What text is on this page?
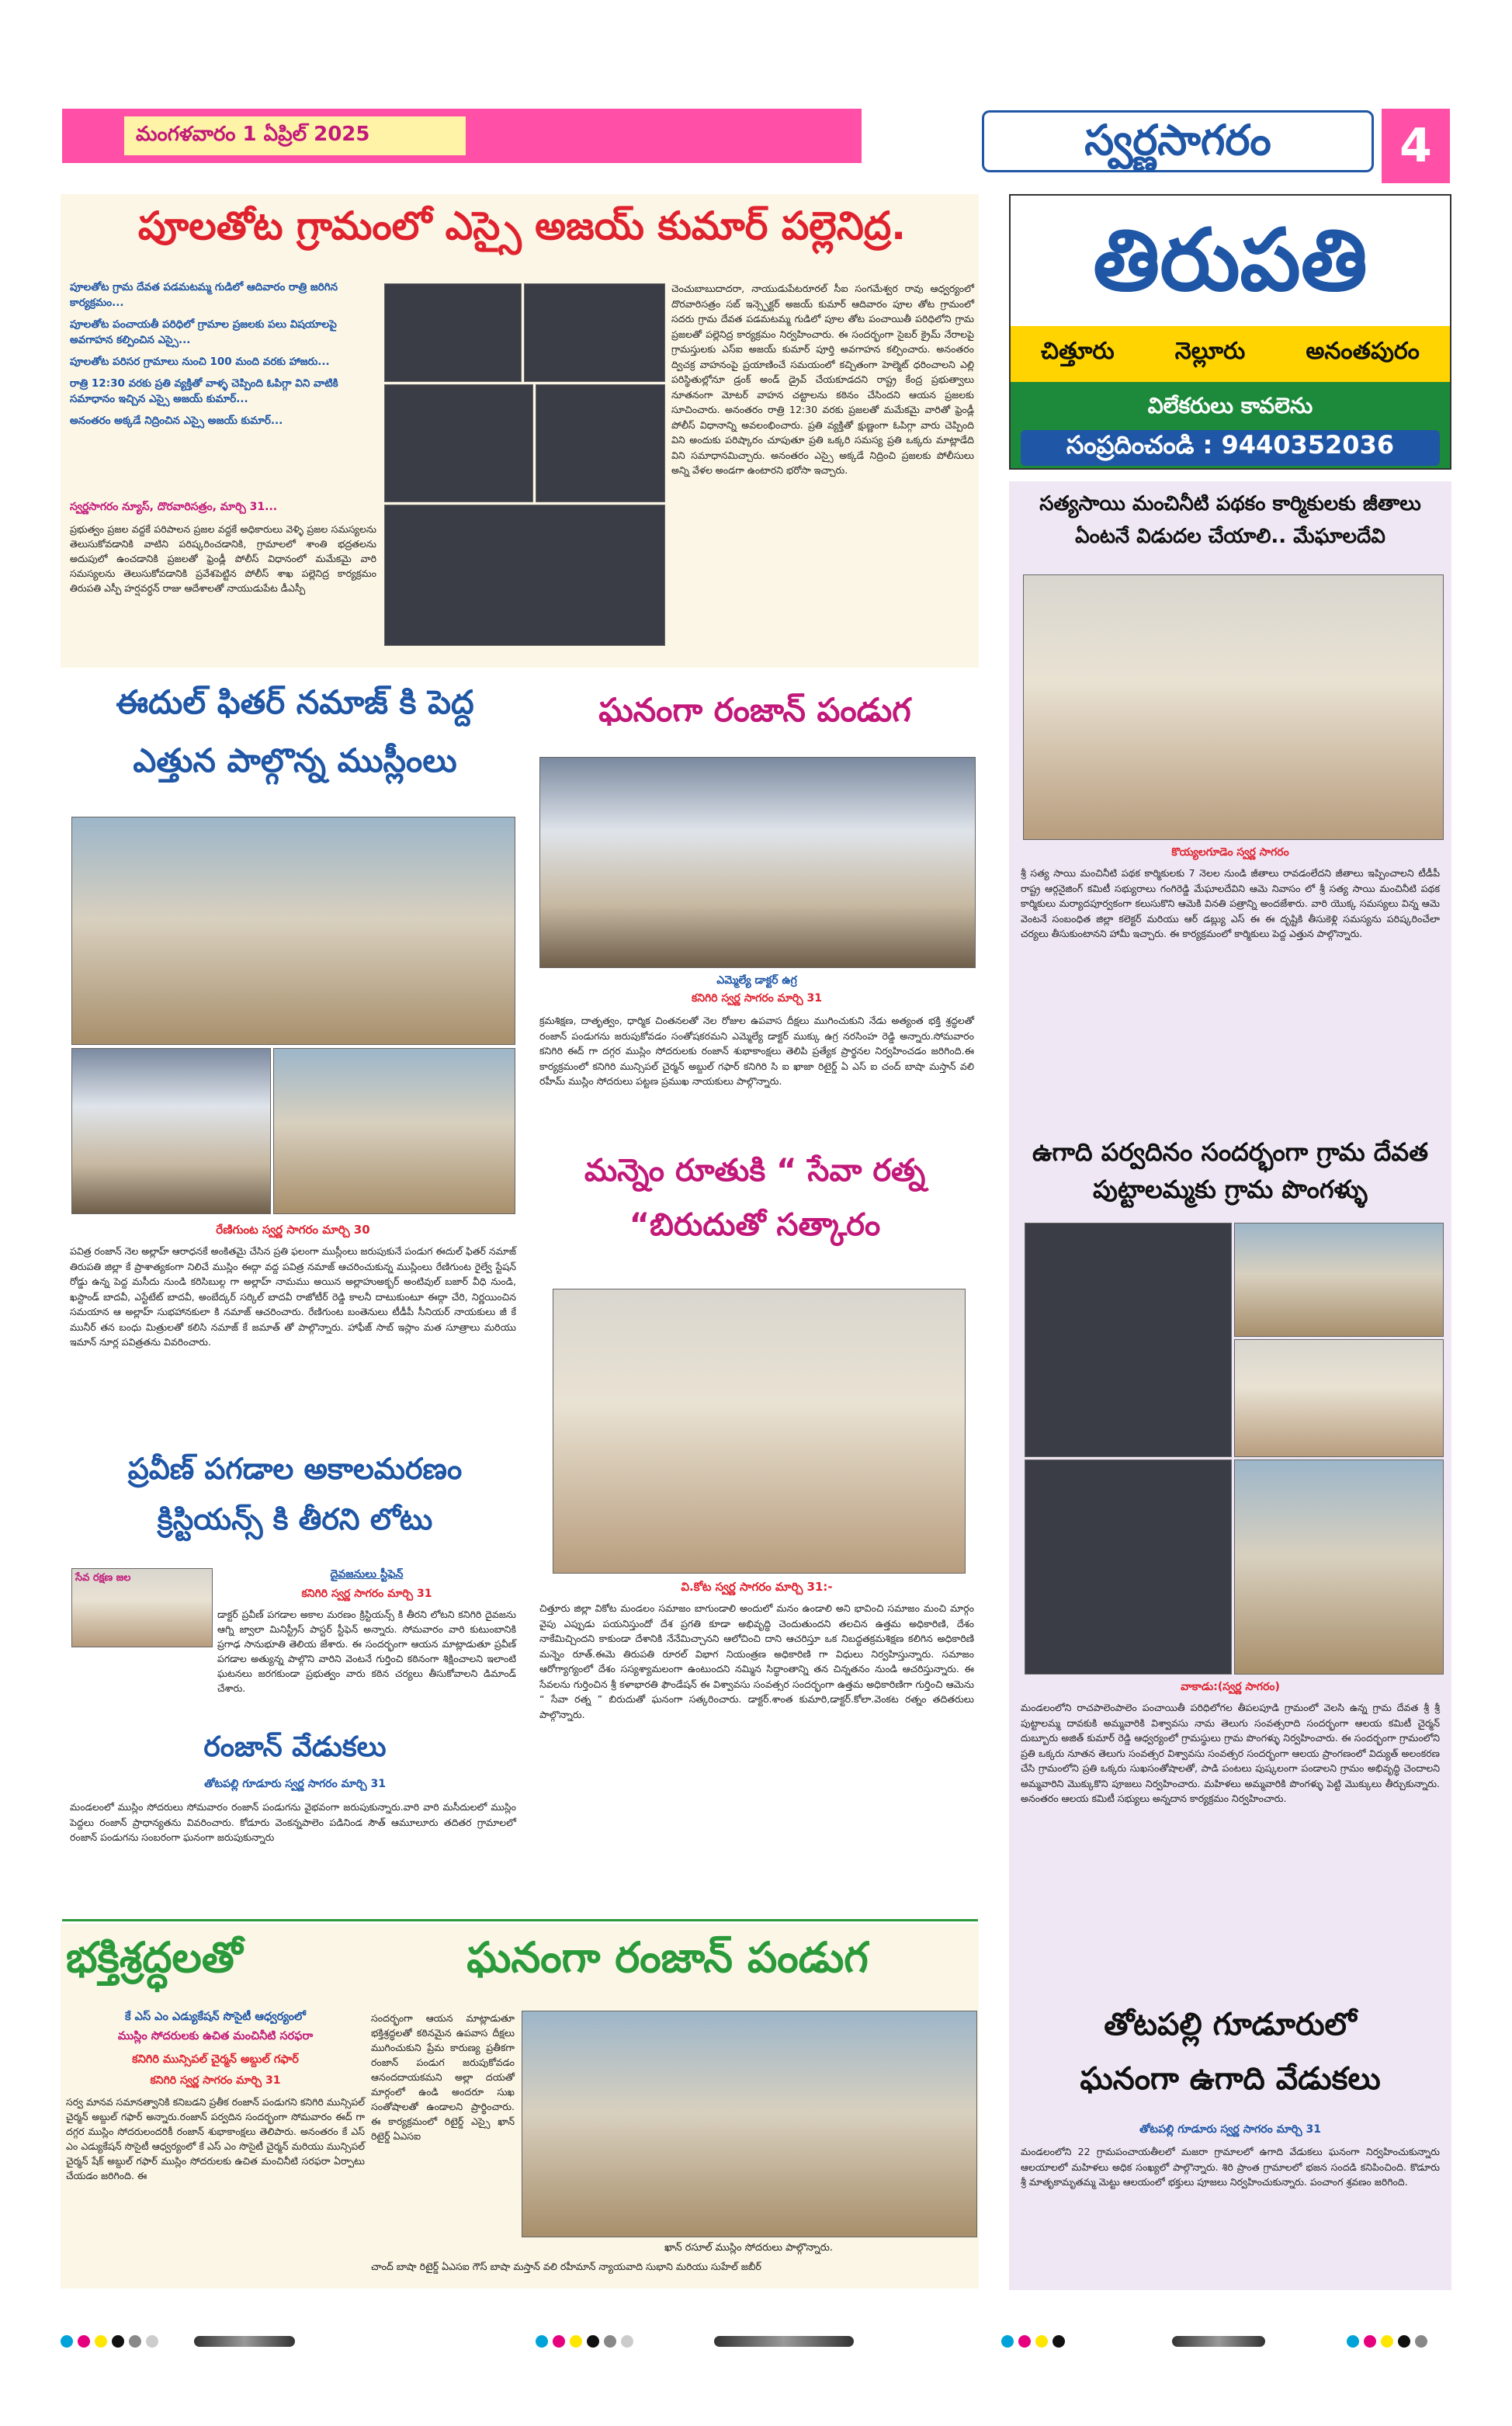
మంగళవారం 1 ఏప్రిల్ 2025	స్వర్ణసాగరం	4
పూలతోట గ్రామంలో ఎస్సై అజయ్ కుమార్ పల్లెనిద్ర.
పూలతోట గ్రామ దేవత పడమటమ్మ గుడిలో ఆదివారం రాత్రి జరిగిన కార్యక్రమం...
పూలతోట పంచాయతీ పరిధిలో గ్రామాల ప్రజలకు పలు విషయాలపై అవగాహన కల్పించిన ఎస్సై...
పూలతోట పరిసర గ్రామాలు నుంచి 100 మంది వరకు హాజరు...
రాత్రి 12:30 వరకు ప్రతి వ్యక్తితో వాళ్ళ చెప్పింది ఓపిగ్గా విని వాటికి సమాధానం ఇచ్చిన ఎస్సై అజయ్ కుమార్...
అనంతరం అక్కడే నిద్రించిన ఎస్సై అజయ్ కుమార్...
స్వర్ణసాగరం న్యూస్, దొరవారిసత్రం, మార్చి 31...
ప్రభుత్వం ప్రజల వద్దకే పరిపాలన ప్రజల వద్దకే అధికారులు వెళ్ళి ప్రజల సమస్యలను తెలుసుకోవడానికి వాటిని పరిష్కరించడానికి, గ్రామాలలో శాంతి భద్రతలను అదుపులో ఉంచడానికి ప్రజలతో ఫ్రెండ్లీ పోలీస్ విధానంలో మమేకమై వారి సమస్యలను తెలుసుకోవడానికి ప్రవేశపెట్టిన పోలీస్ శాఖ పల్లెనిద్ర కార్యక్రమం తిరుపతి ఎస్పీ హర్షవర్ధన్ రాజు ఆదేశాలతో నాయుడుపేట డీఎస్పీ
చెంచుబాబుదాదరా, నాయుడుపేటరూరల్ సీఐ సంగమేశ్వర రావు ఆధ్వర్యంలో దొరవారిసత్రం సబ్ ఇన్స్పెక్టర్ అజయ్ కుమార్ ఆదివారం పూల తోట గ్రామంలో సదరు గ్రామ దేవత పడమటమ్మ గుడిలో పూల తోట పంచాయితీ పరిధిలోని గ్రామ ప్రజలతో పల్లెనిద్ర కార్యక్రమం నిర్వహించారు. ఈ సందర్భంగా సైబర్ క్రైమ్ నేరాలపై గ్రామస్తులకు ఎస్ఐ అజయ్ కుమార్ పూర్తి అవగాహన కల్పించారు. అనంతరం ద్విచక్ర వాహనంపై ప్రయాణించే సమయంలో కచ్చితంగా హెల్మెట్ ధరించాలని ఎల్లి పరిస్థితుల్లోనూ డ్రంక్ అండ్ డ్రైవ్ చేయకూడదని రాష్ట్ర కేంద్ర ప్రభుత్వాలు నూతనంగా మోటర్ వాహన చట్టాలను కఠినం చేసిందని ఆయన ప్రజలకు సూచించారు. అనంతరం రాత్రి 12:30 వరకు ప్రజలతో మమేకమై వారితో ఫ్రెండ్లీ పోలీస్ విధానాన్ని అవలంభించారు. ప్రతి వ్యక్తితో క్షుణ్ణంగా ఓపిగ్గా వారు చెప్పింది విని అందుకు పరిష్కారం చూపుతూ ప్రతి ఒక్కరి సమస్య ప్రతి ఒక్కరు మాట్లాడేది విని సమాధానమిచ్చారు. అనంతరం ఎస్సై అక్కడే నిద్రించి ప్రజలకు పోలీసులు అన్ని వేళల అండగా ఉంటారని భరోసా ఇచ్చారు.
ఈదుల్ ఫితర్ నమాజ్ కి పెద్ద
ఎత్తున పాల్గొన్న ముస్లీంలు
రేణిగుంట స్వర్ణ సాగరం మార్చి 30
పవిత్ర రంజాన్ నెల అల్లాహ్ ఆరాధనకే అంకితమై చేసిన ప్రతి ఫలంగా ముస్లీంలు జరుపుకునే పండుగ ఈదుల్ ఫితర్ నమాజ్ తిరుపతి జిల్లా కే ప్రాశాత్యకంగా నిలిచే ముస్లిం ఈద్గా వద్ద పవిత్ర నమాజ్ ఆచరించుకున్న ముస్లింలు రేణిగుంట రైల్వే స్టేషన్ రోడ్డు ఉన్న పెద్ద మసీదు నుండి కరిసిబుల్గ గా అల్లాహ్ నామము అయిన అల్లాహుఅక్బర్ అంటివుల్ బజార్ వీధి నుండి, ఖస్టాండ్ బాదవీ, ఎస్టేటేట్ బాదవీ, అంబేద్కర్ సర్కిల్ బాదవీ రాజోటీర్ రెడ్డి కాలనీ దాటుకుంటూ ఈద్గా చేరి, నిర్ణయించిన సమయాన ఆ అల్లాహ్ సుభహానకులా కి నమాజ్ ఆచరించారు. రేణిగుంట బంతెనులు టీడీపీ సీనియర్ నాయకులు జీ కే మునీర్ తన బంధు మిత్రులతో కలిసి నమాజ్ కే జమాత్ తో పాల్గొన్నారు. హాఫీజ్ సాబ్ ఇస్లాం మత సూత్రాలు మరియు ఇమాన్ నూర్ల పవిత్రతను వివరించారు.
ఘనంగా రంజాన్ పండుగ
ఎమ్మెల్యే డాక్టర్ ఉగ్ర
కనిగిరి స్వర్ణ సాగరం మార్చి 31
క్రమశిక్షణ, దాతృత్వం, ధార్మిక చింతనలతో నెల రోజుల ఉపవాస దీక్షలు ముగించుకుని నేడు అత్యంత భక్తి శ్రద్ధలతో రంజాన్ పండుగను జరుపుకోవడం సంతోషకరమని ఎమ్మెల్యే డాక్టర్ ముక్కు ఉగ్ర నరసింహ రెడ్డి అన్నారు.సోమవారం కనిగిరి ఈద్ గా దగ్గర ముస్లిం సోదరులకు రంజాన్ శుభాకాంక్షలు తెలిపి ప్రత్యేక ప్రార్థనల నిర్వహించడం జరిగింది.ఈ కార్యక్రమంలో కనిగిరి మున్సిపల్ చైర్మన్ అబ్దుల్ గఫార్ కనిగిరి సి ఐ ఖాజా రిటైర్డ్ ఏ ఎస్ ఐ చంద్ బాషా మస్తాన్ వలి రహీమ్ ముస్లిం సోదరులు పట్టణ ప్రముఖ నాయకులు పాల్గొన్నారు.
మన్నెం రూతుకి “ సేవా రత్న
“బిరుదుతో సత్కారం
వి.కోట స్వర్ణ సాగరం మార్చి 31:-
చిత్తూరు జిల్లా వికోట మండలం సమాజం బాగుండాలి అందులో మనం ఉండాలి అని భావించి సమాజం మంచి మార్గం వైపు ఎప్పుడు పయనిస్తుందో దేశ ప్రగతి కూడా అభివృద్ధి చెందుతుందని తలచిన ఉత్తమ అధికారిణి, దేశం నాకేమిచ్చిందని కాకుండా దేశానికి నేనేమిచ్చానని ఆలోచించి దాని ఆచరిస్తూ ఒక నిబద్ధతక్రమశిక్షణ కలిగిన అధికారిణి మన్నెం రూత్.ఈమె తిరుపతి రూరల్ విభాగ నియంత్రణ అధికారిణి గా విధులు నిర్వహిస్తున్నారు. సమాజం ఆరోగ్యాగ్యంలో దేశం సస్యశ్యామలంగా ఉంటుందని నమ్మిన సిద్ధాంతాన్ని తన చిన్నతనం నుండి ఆచరిస్తున్నారు. ఈ సేవలను గుర్తించిన శ్రీ కళాభారతి ఫౌండేషన్ ఈ విశ్వావసు సంవత్సర సందర్భంగా ఉత్తమ అధికారిణిగా గుర్తించి ఆమెను “ సేవా రత్న ” బిరుదుతో ఘనంగా సత్కరించారు. డాక్టర్.శాంత కుమారి,డాక్టర్.కోలా.వెంకట రత్నం తదితరులు పాల్గొన్నారు.
ప్రవీణ్ పగడాల అకాలమరణం
క్రిస్టియన్స్ కి తీరని లోటు
సేవ రక్షణ జల	దైవజనులు స్టీఫెన్
కనిగిరి స్వర్ణ సాగరం మార్చి 31
డాక్టర్ ప్రవీణ్ పగడాల అకాల మరణం క్రిస్టియన్స్ కి తీరని లోటని కనిగిరి దైవజను ఆగ్ని జ్వాలా మినిస్ట్రీస్ పాస్టర్ స్టీఫెన్ అన్నారు. సోమవారం వారి కుటుంబానికి ప్రగాఢ సానుభూతి తెలియ జేశారు. ఈ సందర్భంగా ఆయన మాట్లాడుతూ ప్రవీణ్ పగడాల అత్యున్న పాల్గొని వారిని వెంటనే గుర్తించి కఠినంగా శిక్షించాలని ఇలాంటి ఘటనలు జరగకుండా ప్రభుత్వం వారు కఠిన చర్యలు తీసుకోవాలని డిమాండ్ చేశారు.
రంజాన్ వేడుకలు
తోటపల్లి గూడూరు స్వర్ణ సాగరం మార్చి 31
మండలంలో ముస్లిం సోదరులు సోమవారం రంజాన్ పండుగను వైభవంగా జరుపుకున్నారు.వారి వారి మసీదులలో ముస్లిం పెద్దలు రంజాన్ ప్రాధాన్యతను వివరించారు. కోడూరు వెంకన్నపాలెం పడినిండ సౌత్ ఆమూలూరు తదితర గ్రామాలలో రంజాన్ పండుగను సంబరంగా ఘనంగా జరుపుకున్నారు
భక్తిశ్రద్ధలతో	ఘనంగా రంజాన్ పండుగ
కే ఎస్ ఎం ఎడ్యుకేషన్ సొసైటీ ఆధ్వర్యంలో
ముస్లిం సోదరులకు ఉచిత మంచినీటి సరఫరా
కనిగిరి మున్సిపల్ చైర్మన్ అబ్దుల్ గఫార్
కనిగిరి స్వర్ణ సాగరం మార్చి 31
సర్వ మానవ సమానత్వానికి కనిబడని ప్రతీక రంజాన్ పండుగని కనిగిరి మున్సిపల్ చైర్మన్ అబ్దుల్ గఫార్ అన్నారు.రంజాన్ పర్వదిన సందర్భంగా సోమవారం ఈద్ గా దగ్గర ముస్లిం సోదరులందరికీ రంజాన్ శుభాకాంక్షలు తెలిపారు. అనంతరం కే ఎస్ ఎం ఎడ్యుకేషన్ సొసైటీ ఆధ్వర్యంలో కే ఎస్ ఎం సొసైటీ చైర్మన్ మరియు మున్సిపల్ చైర్మన్ షేక్ అబ్దుల్ గఫార్ ముస్లిం సోదరులకు ఉచిత మంచినీటి సరఫరా ఏర్పాటు చేయడం జరిగింది. ఈ
సందర్భంగా ఆయన మాట్లాడుతూ భక్తిశ్రద్ధలతో కఠినమైన ఉపవాస దీక్షలు ముగించుకుని ప్రేమ కారుణ్య ప్రతీకగా రంజాన్ పండుగ జరుపుకోవడం ఆనందదాయకమని అల్లా దయతో మార్గంలో ఉండి అందరూ సుఖ సంతోషాలతో ఉండాలని ప్రార్థించారు. ఈ కార్యక్రమంలో రిటైర్డ్ ఎస్సై ఖాన్ రిటైర్డ్ ఏఎసఐ
ఖాన్ రసూల్ ముస్లిం సోదరులు పాల్గొన్నారు.
చాంద్ బాషా రిటైర్డ్ ఏఎసఐ గౌస్ బాషా మస్తాన్ వలి రహీమాన్ న్యాయవాది సుభాని మరియు సుహేల్ జబీర్
తిరుపతి
చిత్తూరు	నెల్లూరు	అనంతపురం
విలేకరులు కావలెను
సంప్రదించండి : 9440352036
సత్యసాయి మంచినీటి పథకం కార్మికులకు జీతాలు ఏంటనే విడుదల చేయాలి.. మేఘాలదేవి
కొయ్యలగూడెం స్వర్ణ సాగరం
శ్రీ సత్య సాయి మంచినీటి పథక కార్మికులకు 7 నెలల నుండి జీతాలు రావడంలేదని జీతాలు ఇప్పించాలని టీడీపీ రాష్ట్ర ఆర్గనైజింగ్ కమిటీ సభ్యురాలు గంగిరెడ్డి మేఘాలదేవిని ఆమె నివాసం లో శ్రీ సత్య సాయి మంచినీటి పథక కార్మికులు మర్యాదపూర్వకంగా కలుసుకొని ఆమెకి వినతి పత్రాన్ని అందజేశారు. వారి యొక్క సమస్యలు విన్న ఆమె వెంటనే సంబంధిత జిల్లా కలెక్టర్ మరియు ఆర్ డబ్ల్యు ఎస్ ఈ ఈ దృష్టికి తీసుకెళ్లి సమస్యను పరిష్కరించేలా చర్యలు తీసుకుంటానని హామీ ఇచ్చారు. ఈ కార్యక్రమంలో కార్మికులు పెద్ద ఎత్తున పాల్గొన్నారు.
ఉగాది పర్వదినం సందర్భంగా గ్రామ దేవత పుట్టాలమ్మకు గ్రామ పొంగళ్ళు
వాకాడు:(స్వర్ణ సాగరం)
మండలంలోని రాచపాలెంపాలెం పంచాయితీ పరిధిలోగల తీపలపూడి గ్రామంలో వెలసి ఉన్న గ్రామ దేవత శ్రీ శ్రీ పుట్టాలమ్మ దావకుకి అమ్మవారికి విశ్వావసు నామ తెలుగు సంవత్సరాది సందర్భంగా ఆలయ కమిటీ చైర్మన్ దుబ్బూరు అజిత్ కుమార్ రెడ్డి ఆధ్వర్యంలో గ్రామస్థులు గ్రామ పొంగళ్ళు నిర్వహించారు. ఈ సందర్భంగా గ్రామంలోని ప్రతి ఒక్కరు నూతన తెలుగు సంవత్సర విశ్వావసు సంవత్సర సందర్భంగా ఆలయ ప్రాంగణంలో విద్యుత్ అలంకరణ చేసి గ్రామంలోని ప్రతి ఒక్కరు సుఖసంతోషాలతో, పాడి పంటలు పుష్కలంగా పండాలని గ్రామం అభివృద్ధి చెందాలని అమ్మవారిని మొక్కుకొని పూజలు నిర్వహించారు. మహిళలు అమ్మవారికి పొంగళ్ళు పెట్టి మొక్కులు తీర్చుకున్నారు. అనంతరం ఆలయ కమిటీ సభ్యులు అన్నదాన కార్యక్రమం నిర్వహించారు.
తోటపల్లి గూడూరులో
ఘనంగా ఉగాది వేడుకలు
తోటపల్లి గూడూరు స్వర్ణ సాగరం మార్చి 31
మండలంలోని 22 గ్రామపంచాయతీలలో మజరా గ్రామాలలో ఉగాది వేడుకలు ఘనంగా నిర్వహించుకున్నారు ఆలయాలలో మహిళలు అధిక సంఖ్యలో పాల్గొన్నారు. శిరి ప్రాంత గ్రామాలలో భజన సందడి కనిపించింది. కొడూరు శ్రీ మాతృకామృతమ్మ మెట్టు ఆలయంలో భక్తులు పూజలు నిర్వహించుకున్నారు. పంచాంగ శ్రవణం జరిగింది.
